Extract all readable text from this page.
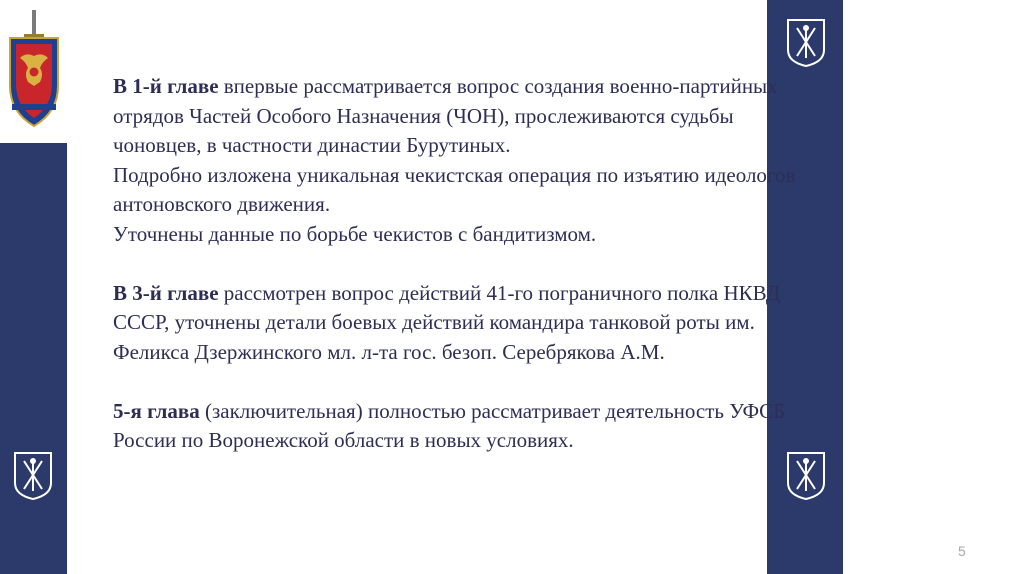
В 1-й главе впервые рассматривается вопрос создания военно-партийных

отрядов Частей Особого Назначения (ЧОН), прослеживаются судьбы

чоновцев, в частности династии Бурутиных.

Подробно изложена уникальная чекистская операция по изъятию идеологов

антоновского движения.

Уточнены данные по борьбе чекистов с бандитизмом.

В 3-й главе рассмотрен вопрос действий 41-го пограничного полка НКВД

СССР, уточнены детали боевых действий командира танковой роты им.

Феликса Дзержинского мл. л-та гос. безоп. Серебрякова А.М.

5-я глава (заключительная) полностью рассматривает деятельность УФСБ

России по Воронежской области в новых условиях.

5
